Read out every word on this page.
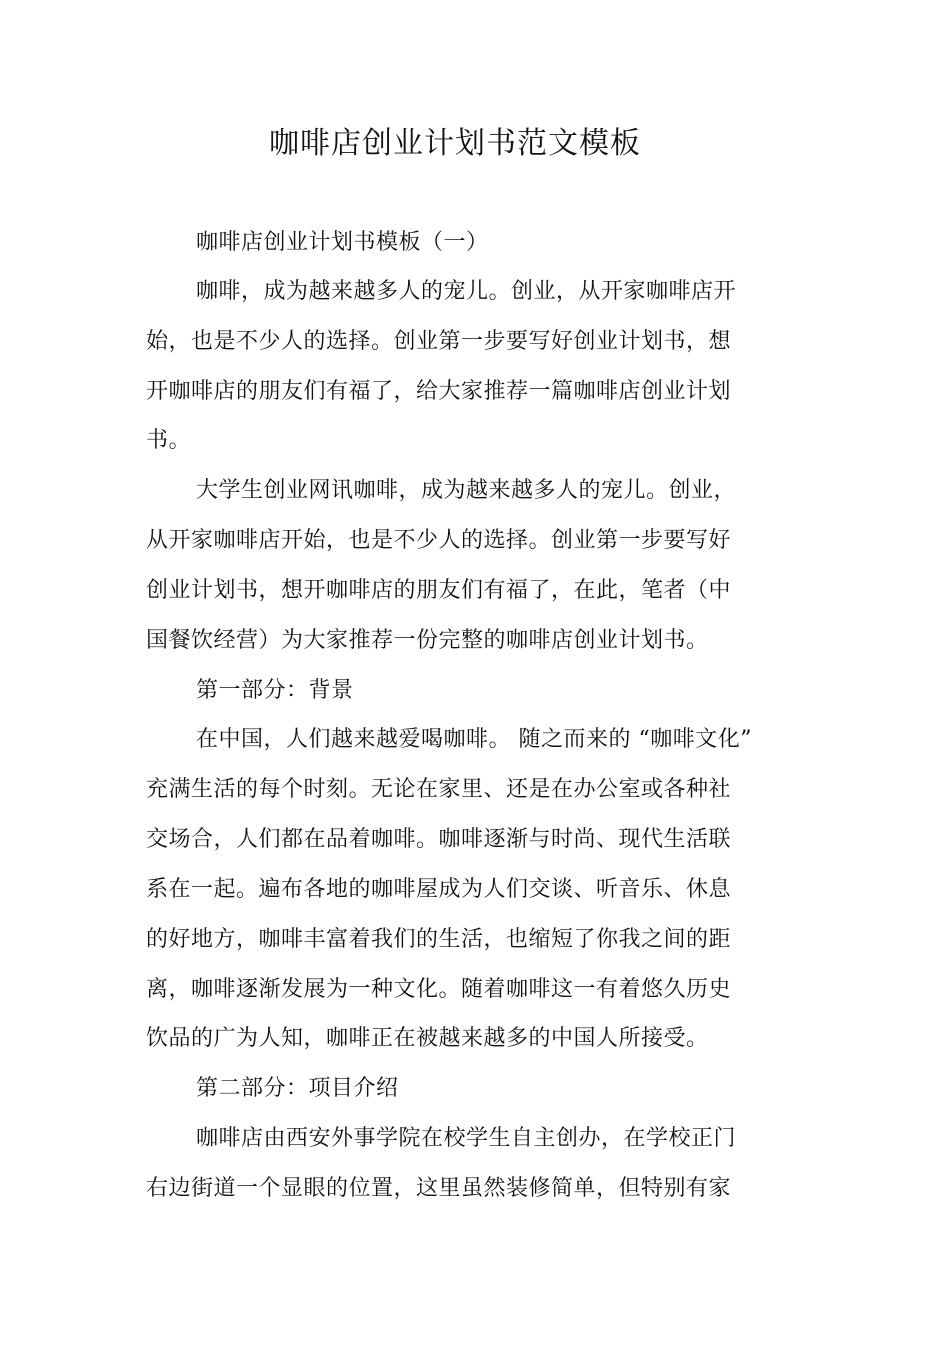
咖啡店创业计划书范文模板
咖啡店创业计划书模板（一）
咖啡，成为越来越多人的宠儿。创业，从开家咖啡店开
始，也是不少人的选择。创业第一步要写好创业计划书，想
开咖啡店的朋友们有福了，给大家推荐一篇咖啡店创业计划
书。
大学生创业网讯咖啡，成为越来越多人的宠儿。创业，
从开家咖啡店开始，也是不少人的选择。创业第一步要写好
创业计划书，想开咖啡店的朋友们有福了，在此，笔者（中
国餐饮经营）为大家推荐一份完整的咖啡店创业计划书。
第一部分：背景
在中国，人们越来越爱喝咖啡。 随之而来的 “咖啡文化”
充满生活的每个时刻。无论在家里、还是在办公室或各种社
交场合，人们都在品着咖啡。咖啡逐渐与时尚、现代生活联
系在一起。遍布各地的咖啡屋成为人们交谈、听音乐、休息
的好地方，咖啡丰富着我们的生活，也缩短了你我之间的距
离，咖啡逐渐发展为一种文化。随着咖啡这一有着悠久历史
饮品的广为人知，咖啡正在被越来越多的中国人所接受。
第二部分：项目介绍
咖啡店由西安外事学院在校学生自主创办，在学校正门
右边街道一个显眼的位置，这里虽然装修简单，但特别有家
